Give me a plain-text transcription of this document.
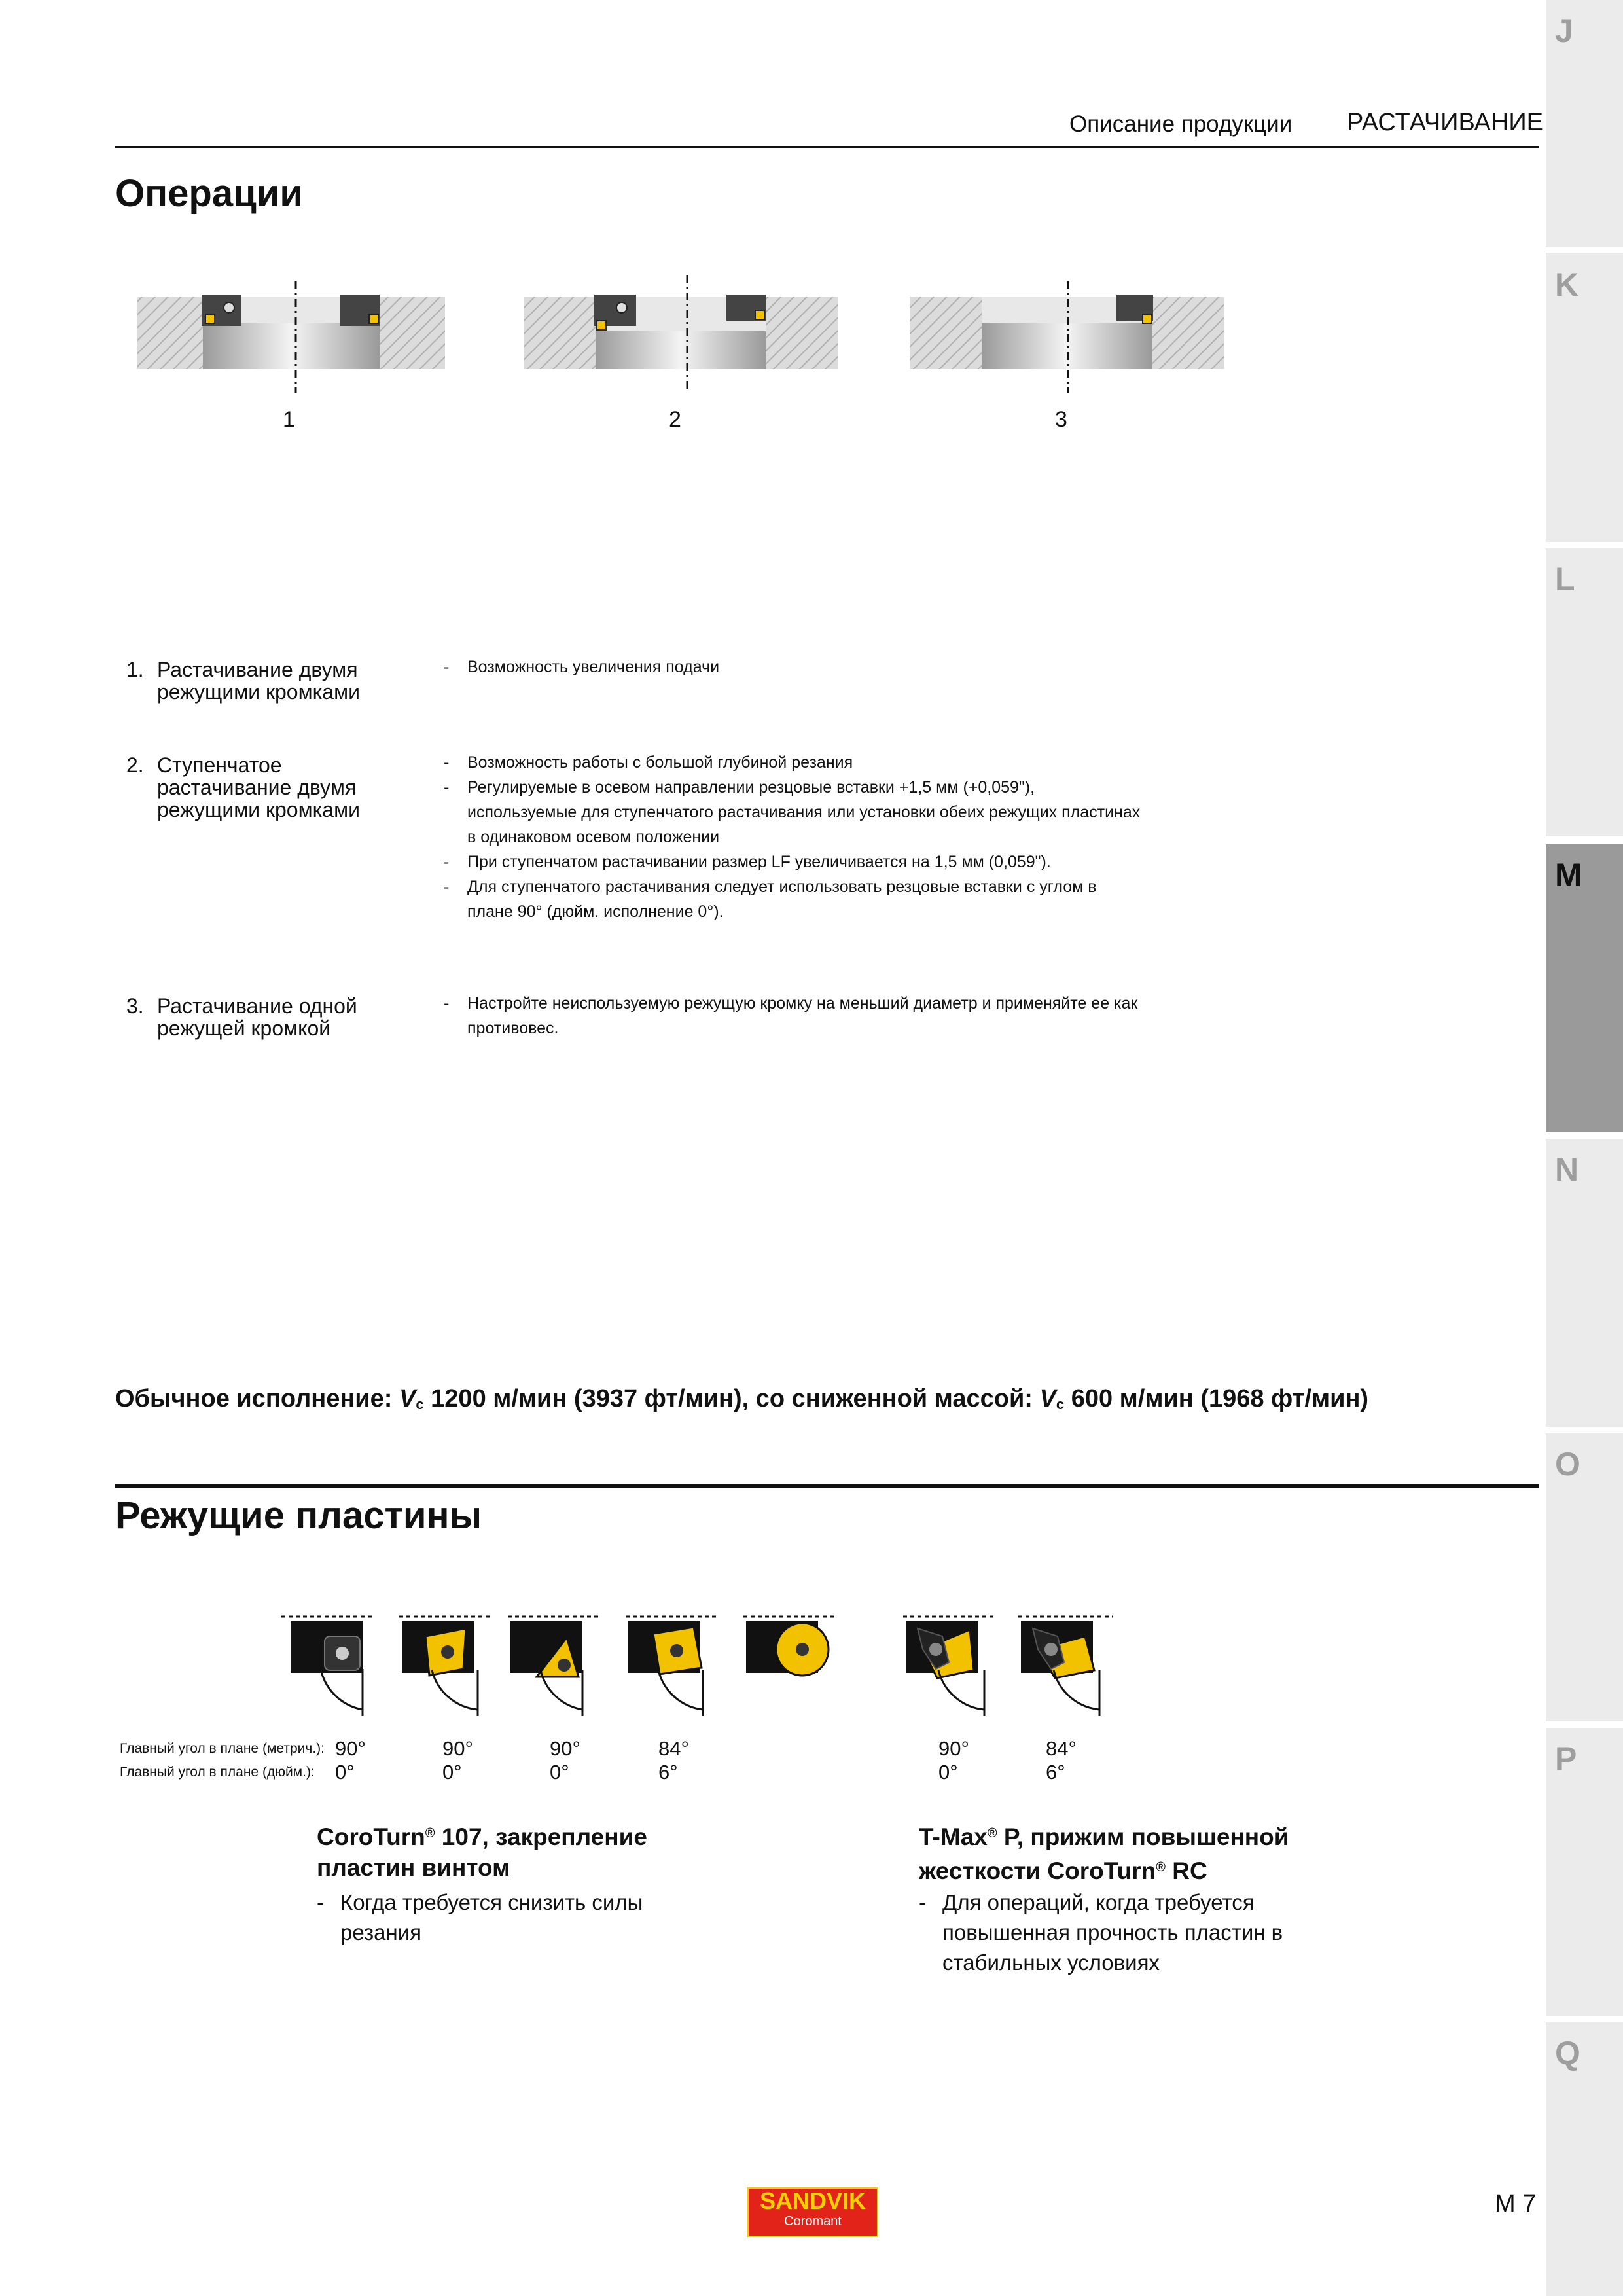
J
K
L
M
N
O
P
Q
Описание продукции РАСТАЧИВАНИЕ
Операции
1	2	3
1. Растачивание двумя
режущими кромками
- Возможность увеличения подачи
2. Ступенчатое
растачивание двумя
режущими кромками
- Возможность работы с большой глубиной резания
- Регулируемые в осевом направлении резцовые вставки +1,5 мм (+0,059"), используемые для ступенчатого растачивания или установки обеих режущих пластинах в одинаковом осевом положении
- При ступенчатом растачивании размер LF увеличивается на 1,5 мм (0,059").
- Для ступенчатого растачивания следует использовать резцовые вставки с углом в плане 90° (дюйм. исполнение 0°).
3. Растачивание одной
режущей кромкой
- Настройте неиспользуемую режущую кромку на меньший диаметр и применяйте ее как противовес.
Обычное исполнение: $V_c$ 1200 м/мин (3937 фт/мин), со сниженной массой: $V_c$ 600 м/мин (1968 фт/мин)
Режущие пластины
Главный угол в плане (метрич.):
Главный угол в плане (дюйм.):
90°
0°
90°
0°
90°
0°
84°
6°
90°
0°
84°
6°
CoroTurn® 107, закрепление
пластин винтом
- Когда требуется снизить силы резания
T-Max® P, прижим повышенной
жесткости CoroTurn® RC
- Для операций, когда требуется повышенная прочность пластин в стабильных условиях
SANDVIK
Coromant
M 7
